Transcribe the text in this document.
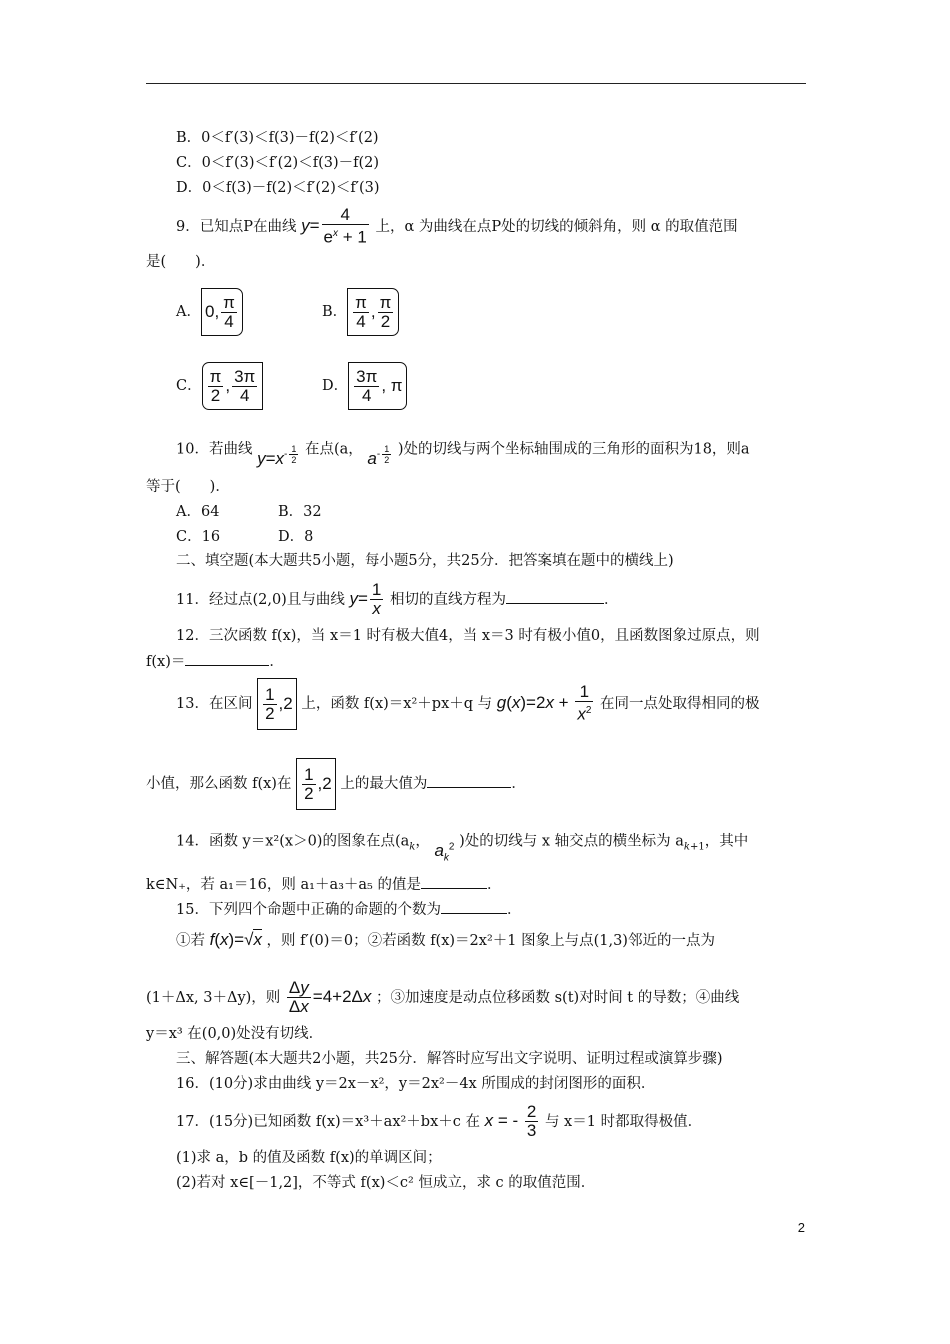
B．0＜f′(3)＜f(3)－f(2)＜f′(2)
C．0＜f′(3)＜f′(2)＜f(3)－f(2)
D．0＜f(3)－f(2)＜f′(2)＜f′(3)
9．已知点P在曲线 $y= \frac{4}{e^x + 1}$ 上，α 为曲线在点P处的切线的倾斜角，则 α 的取值范围
是(　　)．
A． 0, $\frac{\pi}{4}$	B． $\frac{\pi}{4}$ , $\frac{\pi}{2}$
C． $\frac{\pi}{2}$ , $\frac{3\pi}{4}$	D． $\frac{3\pi}{4}$ , π
10．若曲线 $y=x^{- \frac{1}{2}}$ 在点(a， $a^{- \frac{1}{2}}$ )处的切线与两个坐标轴围成的三角形的面积为18，则a
等于(　　)．
A．64	B．32
C．16	D．8
二、填空题(本大题共5小题，每小题5分，共25分．把答案填在题中的横线上)
11．经过点(2,0)且与曲线 $y= \frac{1}{x}$ 相切的直线方程为	．
12．三次函数 f(x)，当 x＝1 时有极大值4，当 x＝3 时有极小值0，且函数图象过原点，则
f(x)＝	．
13．在区间 $\frac{1}{2} ,2$ 上，函数 f(x)＝x²＋px＋q 与 $g(x)=2x + \frac{1}{x^2}$ 在同一点处取得相同的极
小值，那么函数 f(x)在 $\frac{1}{2} ,2$ 上的最大值为	．
14．函数 y＝x²(x＞0)的图象在点($a_k$， $a_k^2$ )处的切线与 x 轴交点的横坐标为 $a_{k+1}$，其中
k∈N₊，若 a₁＝16，则 a₁＋a₃＋a₅ 的值是	．
15．下列四个命题中正确的命题的个数为	．
①若 f(x)=√x ，则 f′(0)＝0；②若函数 f(x)＝2x²＋1 图象上与点(1,3)邻近的一点为
(1＋Δx, 3＋Δy)，则 $\frac{\Delta y}{\Delta x} =4+2\Delta x$ ；③加速度是动点位移函数 s(t)对时间 t 的导数；④曲线
y＝x³ 在(0,0)处没有切线．
三、解答题(本大题共2小题，共25分．解答时应写出文字说明、证明过程或演算步骤)
16．(10分)求由曲线 y＝2x－x²，y＝2x²－4x 所围成的封闭图形的面积．
17．(15分)已知函数 f(x)＝x³＋ax²＋bx＋c 在 x = - $\frac{2}{3}$ 与 x＝1 时都取得极值．
(1)求 a，b 的值及函数 f(x)的单调区间；
(2)若对 x∈[－1,2]，不等式 f(x)＜c² 恒成立，求 c 的取值范围．
2
